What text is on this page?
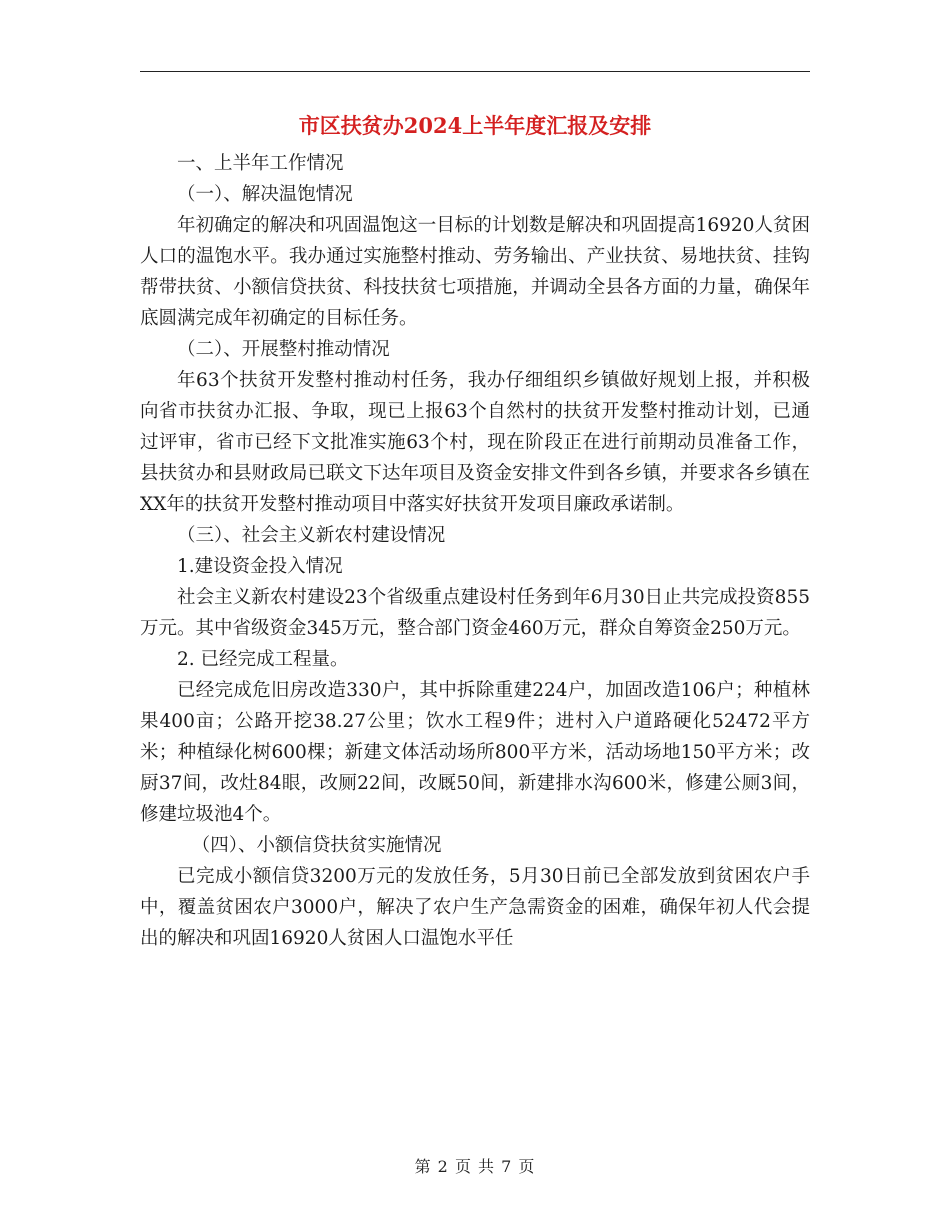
市区扶贫办2024上半年度汇报及安排

一、上半年工作情况

（一）、解决温饱情况

年初确定的解决和巩固温饱这一目标的计划数是解决和巩固提高16920人贫困人口的温饱水平。我办通过实施整村推动、劳务输出、产业扶贫、易地扶贫、挂钩帮带扶贫、小额信贷扶贫、科技扶贫七项措施，并调动全县各方面的力量，确保年底圆满完成年初确定的目标任务。

（二）、开展整村推动情况

年63个扶贫开发整村推动村任务，我办仔细组织乡镇做好规划上报，并积极向省市扶贫办汇报、争取，现已上报63个自然村的扶贫开发整村推动计划，已通过评审，省市已经下文批准实施63个村，现在阶段正在进行前期动员准备工作，县扶贫办和县财政局已联文下达年项目及资金安排文件到各乡镇，并要求各乡镇在XX年的扶贫开发整村推动项目中落实好扶贫开发项目廉政承诺制。

（三）、社会主义新农村建设情况

1.建设资金投入情况

社会主义新农村建设23个省级重点建设村任务到年6月30日止共完成投资855万元。其中省级资金345万元，整合部门资金460万元，群众自筹资金250万元。

2. 已经完成工程量。

已经完成危旧房改造330户，其中拆除重建224户，加固改造106户；种植林果400亩；公路开挖38.27公里；饮水工程9件；进村入户道路硬化52472平方米；种植绿化树600棵；新建文体活动场所800平方米，活动场地150平方米；改厨37间，改灶84眼，改厕22间，改厩50间，新建排水沟600米，修建公厕3间，修建垃圾池4个。

（四）、小额信贷扶贫实施情况

已完成小额信贷3200万元的发放任务，5月30日前已全部发放到贫困农户手中，覆盖贫困农户3000户，解决了农户生产急需资金的困难，确保年初人代会提出的解决和巩固16920人贫困人口温饱水平任

第 2 页 共 7 页
